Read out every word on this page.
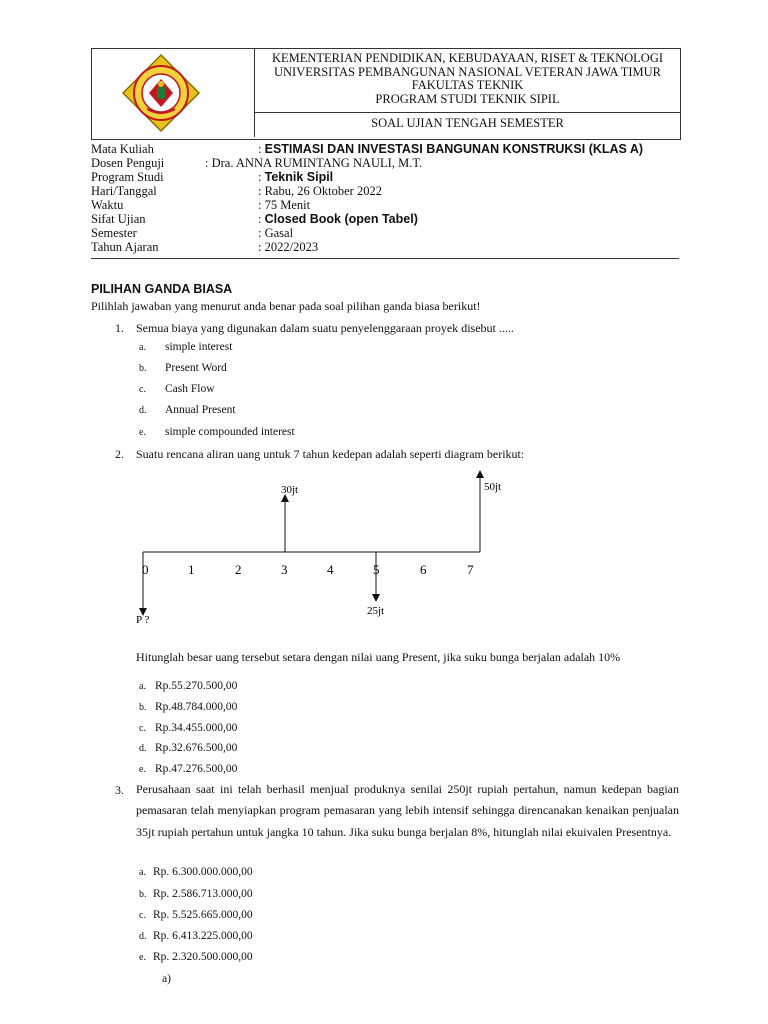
KEMENTERIAN PENDIDIKAN, KEBUDAYAAN, RISET & TEKNOLOGI
UNIVERSITAS PEMBANGUNAN NASIONAL VETERAN JAWA TIMUR
FAKULTAS TEKNIK
PROGRAM STUDI TEKNIK SIPIL
SOAL UJIAN TENGAH SEMESTER
Mata Kuliah	: ESTIMASI DAN INVESTASI BANGUNAN KONSTRUKSI (KLAS A)
Dosen Penguji	: Dra. ANNA RUMINTANG NAULI, M.T.
Program Studi	: Teknik Sipil
Hari/Tanggal	: Rabu, 26 Oktober 2022
Waktu	: 75 Menit
Sifat Ujian	: Closed Book (open Tabel)
Semester	: Gasal
Tahun Ajaran	: 2022/2023
PILIHAN GANDA BIASA
Pilihlah jawaban yang menurut anda benar pada soal pilihan ganda biasa berikut!
1. Semua biaya yang digunakan dalam suatu penyelenggaraan proyek disebut .....
a. simple interest
b. Present Word
c. Cash Flow
d. Annual Present
e. simple compounded interest
2. Suatu rencana aliran uang untuk 7 tahun kedepan adalah seperti diagram berikut:
30jt	50jt
25jt
P ?
0	1	2	3	4	5	6	7
Hitunglah besar uang tersebut setara dengan nilai uang Present, jika suku bunga berjalan adalah 10%
a. Rp.55.270.500,00
b. Rp.48.784.000,00
c. Rp.34.455.000,00
d. Rp.32.676.500,00
e. Rp.47.276.500,00
3. Perusahaan saat ini telah berhasil menjual produknya senilai 250jt rupiah pertahun, namun kedepan bagian pemasaran telah menyiapkan program pemasaran yang lebih intensif sehingga direncanakan kenaikan penjualan 35jt rupiah pertahun untuk jangka 10 tahun. Jika suku bunga berjalan 8%, hitunglah nilai ekuivalen Presentnya.
a. Rp. 6.300.000.000,00
b. Rp. 2.586.713.000,00
c. Rp. 5.525.665.000,00
d. Rp. 6.413.225.000,00
e. Rp. 2.320.500.000,00
a)
